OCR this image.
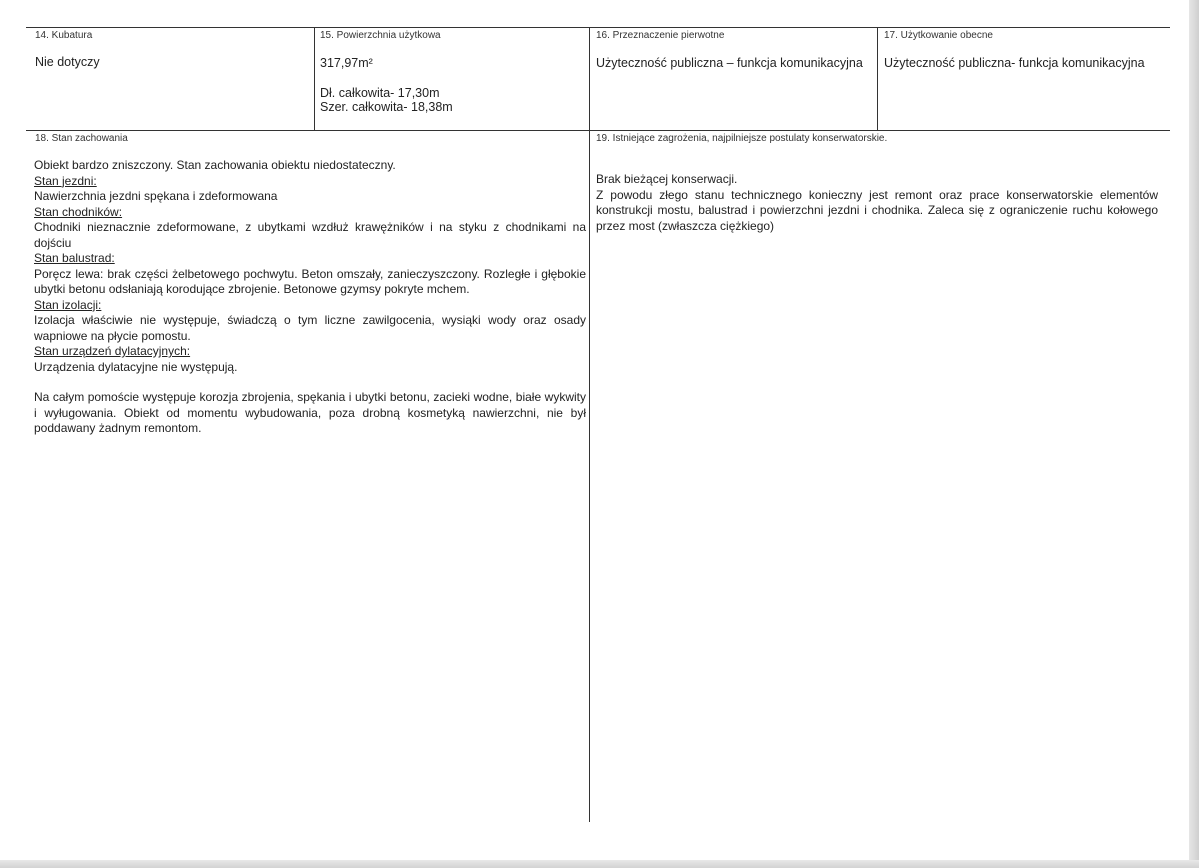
14. Kubatura
Nie dotyczy
15. Powierzchnia użytkowa
317,97m²
Dł. całkowita- 17,30m
Szer. całkowita- 18,38m
16. Przeznaczenie pierwotne
Użyteczność publiczna – funkcja komunikacyjna
17. Użytkowanie obecne
Użyteczność publiczna- funkcja komunikacyjna
18. Stan zachowania

Obiekt bardzo zniszczony. Stan zachowania obiektu niedostateczny.

Stan jezdni:

Nawierzchnia jezdni spękana i zdeformowana

Stan chodników:

Chodniki nieznacznie zdeformowane, z ubytkami wzdłuż krawężników i na styku z chodnikami na dojściu

Stan balustrad:

Poręcz lewa: brak części żelbetowego pochwytu. Beton omszały, zanieczyszczony. Rozległe i głębokie ubytki betonu odsłaniają korodujące zbrojenie. Betonowe gzymsy pokryte mchem.

Stan izolacji:

Izolacja właściwie nie występuje, świadczą o tym liczne zawilgocenia, wysiąki wody oraz osady wapniowe na płycie pomostu.

Stan urządzeń dylatacyjnych:

Urządzenia dylatacyjne nie występują.

Na całym pomoście występuje korozja zbrojenia, spękania i ubytki betonu, zacieki wodne, białe wykwity i wyługowania. Obiekt od momentu wybudowania, poza drobną kosmetyką nawierzchni, nie był poddawany żadnym remontom.

19. Istniejące zagrożenia, najpilniejsze postulaty konserwatorskie.

Brak bieżącej konserwacji.

Z powodu złego stanu technicznego konieczny jest remont oraz prace konserwatorskie elementów konstrukcji mostu, balustrad i powierzchni jezdni i chodnika. Zaleca się z ograniczenie ruchu kołowego przez most (zwłaszcza ciężkiego)
